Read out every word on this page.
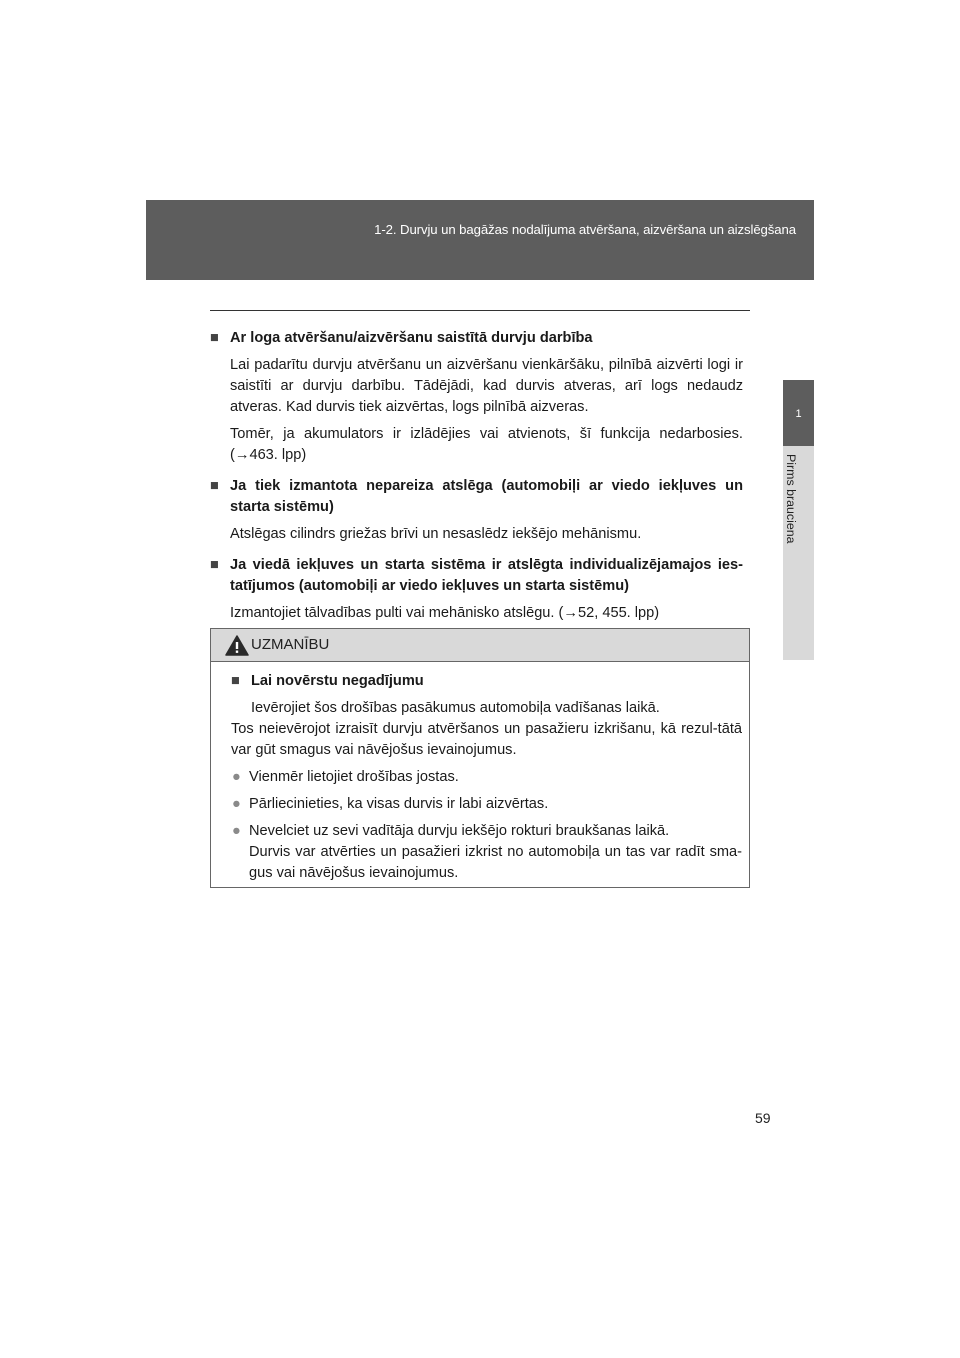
1-2. Durvju un bagāžas nodalījuma atvēršana, aizvēršana un aizslēgšana
1
Pirms brauciena

■ Ar loga atvēršanu/aizvēršanu saistītā durvju darbība

Lai padarītu durvju atvēršanu un aizvēršanu vienkāršāku, pilnībā aizvērti logi ir saistīti ar durvju darbību. Tādējādi, kad durvis atveras, arī logs nedaudz atveras. Kad durvis tiek aizvērtas, logs pilnībā aizveras.

Tomēr, ja akumulators ir izlādējies vai atvienots, šī funkcija nedarbosies. (→463. lpp)

■ Ja tiek izmantota nepareiza atslēga (automobiļi ar viedo iekļuves un starta sistēmu)

Atslēgas cilindrs griežas brīvi un nesaslēdz iekšējo mehānismu.

■ Ja viedā iekļuves un starta sistēma ir atslēgta individualizējamajos ies-tatījumos (automobiļi ar viedo iekļuves un starta sistēmu)

Izmantojiet tālvadības pulti vai mehānisko atslēgu. (→52, 455. lpp)

UZMANĪBU

■ Lai novērstu negadījumu

Ievērojiet šos drošības pasākumus automobiļa vadīšanas laikā.

Tos neievērojot izraisīt durvju atvēršanos un pasažieru izkrišanu, kā rezul-tātā var gūt smagus vai nāvējošus ievainojumus.

● Vienmēr lietojiet drošības jostas.

● Pārliecinieties, ka visas durvis ir labi aizvērtas.

● Nevelciet uz sevi vadītāja durvju iekšējo rokturi braukšanas laikā.

Durvis var atvērties un pasažieri izkrist no automobiļa un tas var radīt sma-gus vai nāvējošus ievainojumus.

59
